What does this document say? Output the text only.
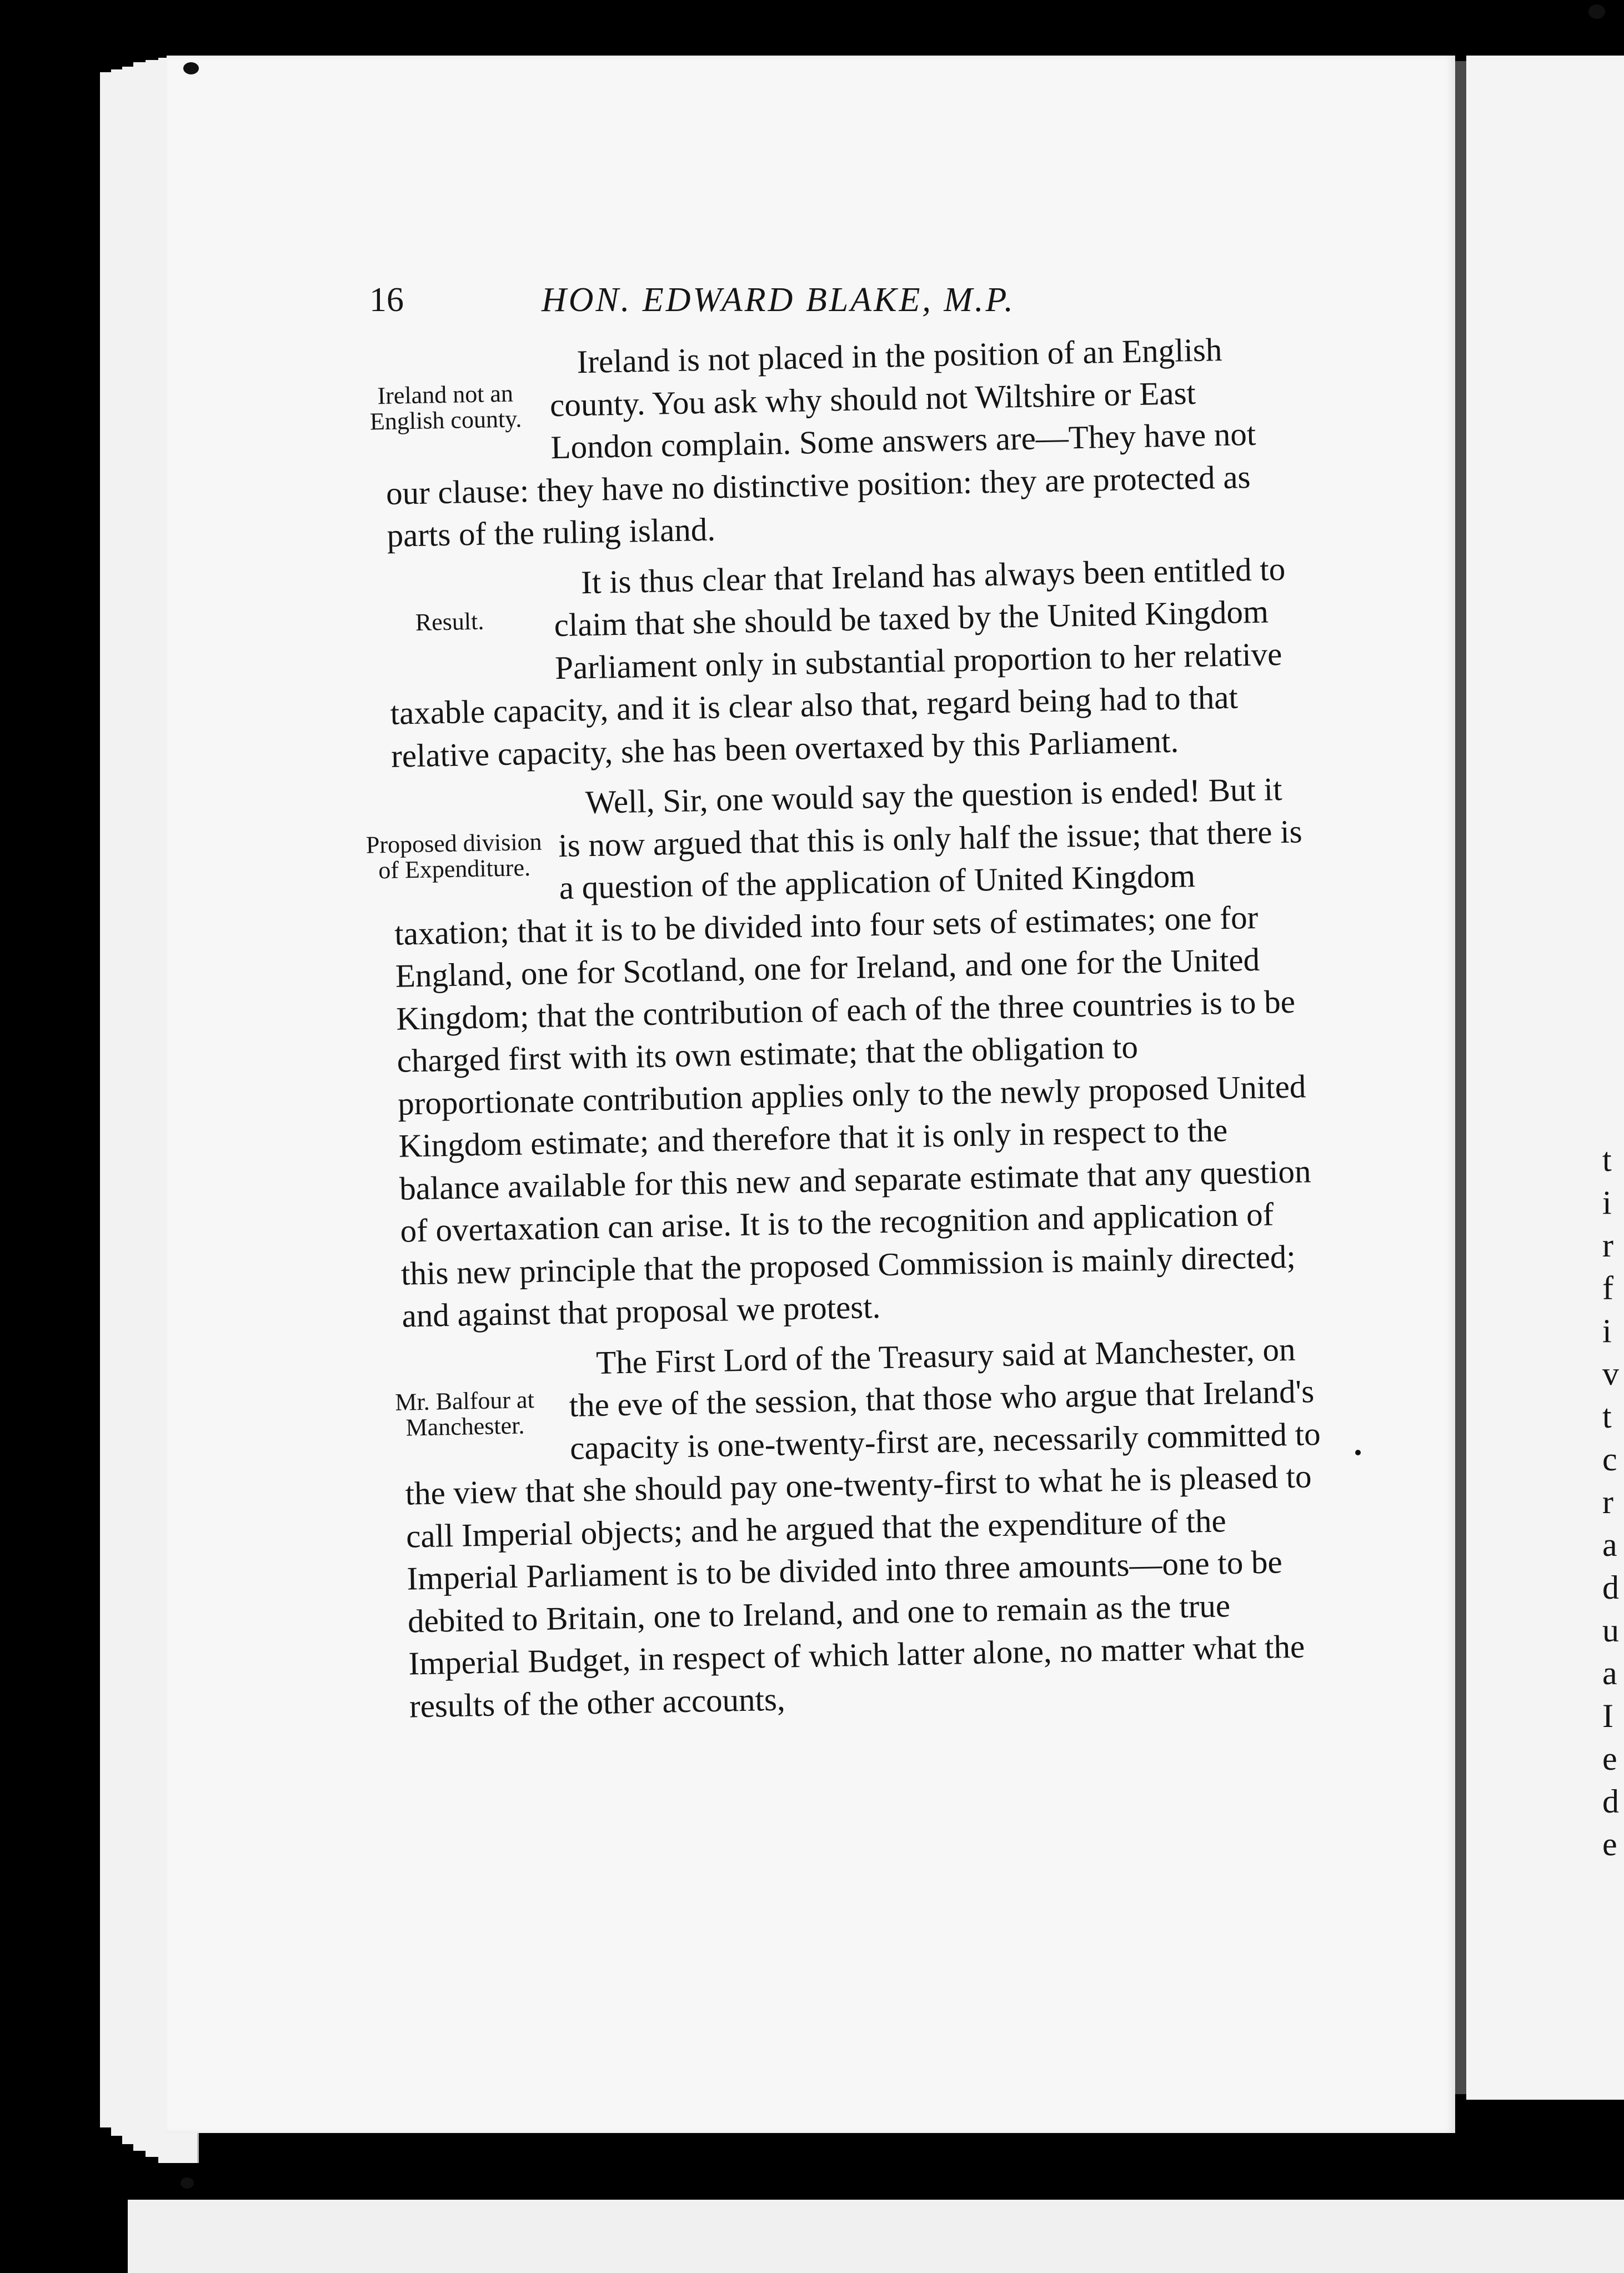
t
i
r
f
i
v
t
c
r
a
d
u
a
I
e
d
e
16	HON. EDWARD BLAKE, M.P.

Ireland is not placed in the position of an English
Ireland not an English county. county. You ask why should not Wiltshire or East London complain. Some answers are—They have not our clause: they have no distinctive position: they are protected as parts of the ruling island.

It is thus clear that Ireland has always been entitled to
Result.	claim that she should be taxed by the United Kingdom Parliament only in substantial proportion to her relative taxable capacity, and it is clear also that, regard being had to that relative capacity, she has been overtaxed by this Parliament.

Well, Sir, one would say the question is ended! But it
Proposed division of Expenditure.
is now argued that this is only half the issue; that there is a question of the application of United Kingdom taxation; that it is to be divided into four sets of estimates; one for England, one for Scotland, one for Ireland, and one for the United Kingdom; that the contribution of each of the three countries is to be charged first with its own estimate; that the obligation to proportionate contribution applies only to the newly proposed United Kingdom estimate; and therefore that it is only in respect to the balance available for this new and separate estimate that any question of overtaxation can arise. It is to the recognition and application of this new principle that the proposed Commission is mainly directed; and against that proposal we protest.

The First Lord of the Treasury said at Manchester, on
Mr. Balfour at Manchester.
the eve of the session, that those who argue that Ireland's capacity is one-twenty-first are, necessarily committed to the view that she should pay one-twenty-first to what he is pleased to call Imperial objects; and he argued that the expenditure of the Imperial Parliament is to be divided into three amounts—one to be debited to Britain, one to Ireland, and one to remain as the true Imperial Budget, in respect of which latter alone, no matter what the results of the other accounts,
